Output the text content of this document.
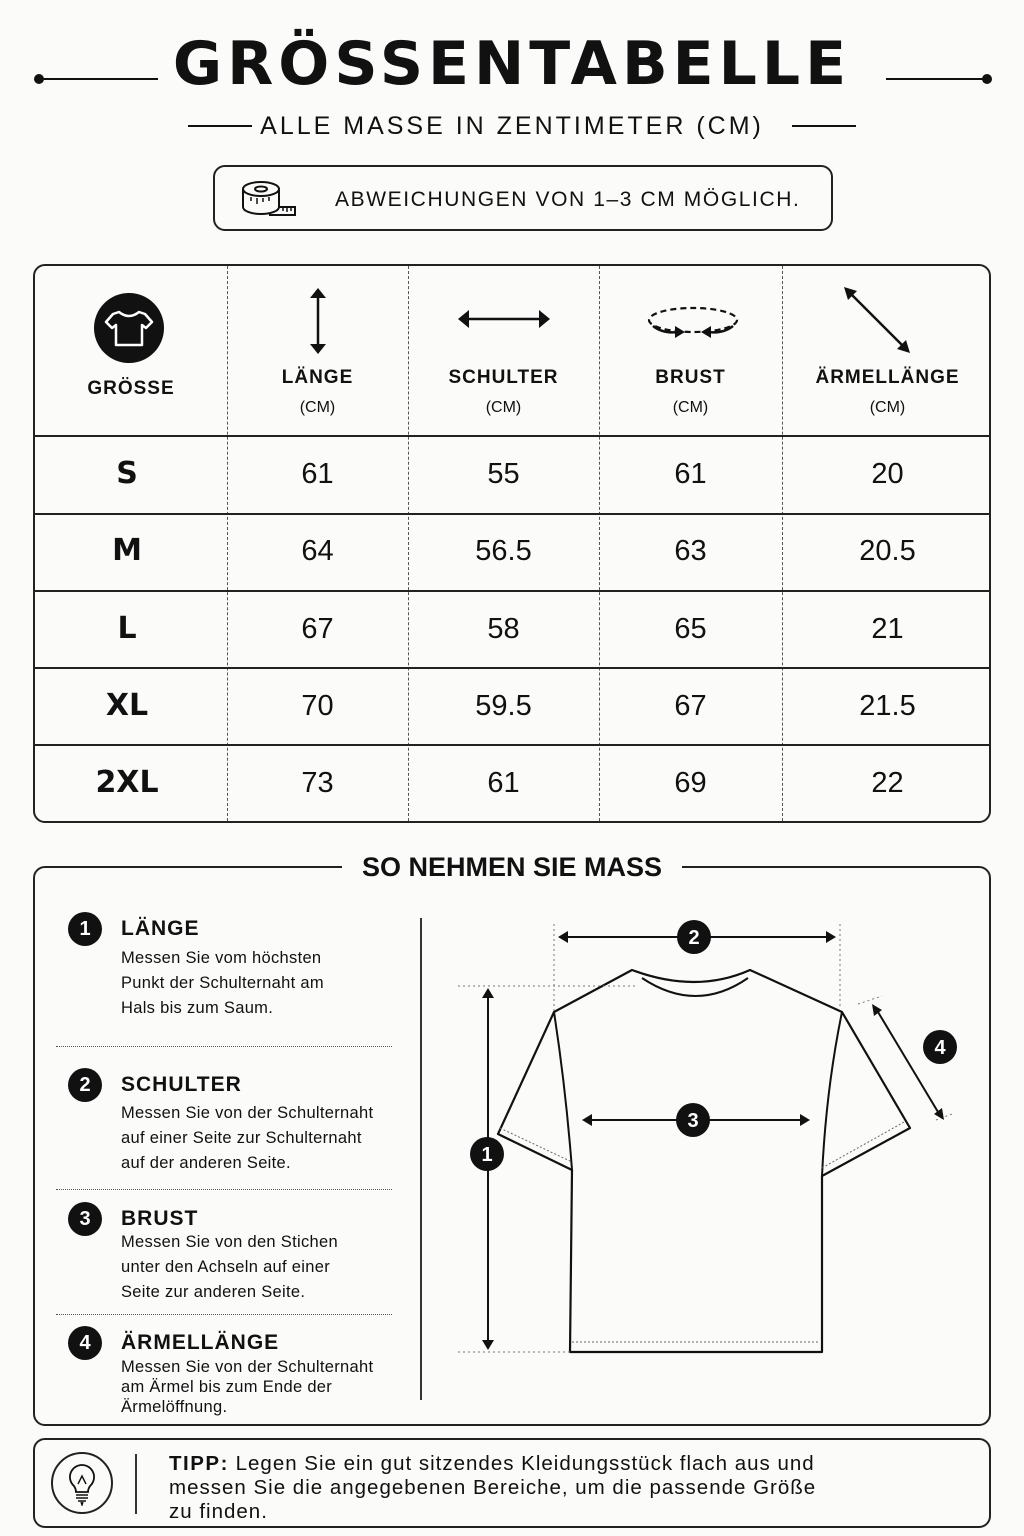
GRÖSSENTABELLE
ALLE MASSE IN ZENTIMETER (CM)
ABWEICHUNGEN VON 1–3 CM MÖGLICH.
GRÖSSE
LÄNGE
(CM)
SCHULTER
(CM)
BRUST
(CM)
ÄRMELLÄNGE
(CM)
S	61	55	61	20
M	64	56.5	63	20.5
L	67	58	65	21
XL	70	59.5	67	21.5
2XL	73	61	69	22
SO NEHMEN SIE MASS
1	LÄNGE
Messen Sie vom höchsten
Punkt der Schulternaht am
Hals bis zum Saum.
2	SCHULTER
Messen Sie von der Schulternaht
auf einer Seite zur Schulternaht
auf der anderen Seite.
3	BRUST
Messen Sie von den Stichen
unter den Achseln auf einer
Seite zur anderen Seite.
4	ÄRMELLÄNGE
Messen Sie von der Schulternaht
am Ärmel bis zum Ende der
Ärmelöffnung.
2
1
3
4
TIPP: Legen Sie ein gut sitzendes Kleidungsstück flach aus und
messen Sie die angegebenen Bereiche, um die passende Größe
zu finden.
